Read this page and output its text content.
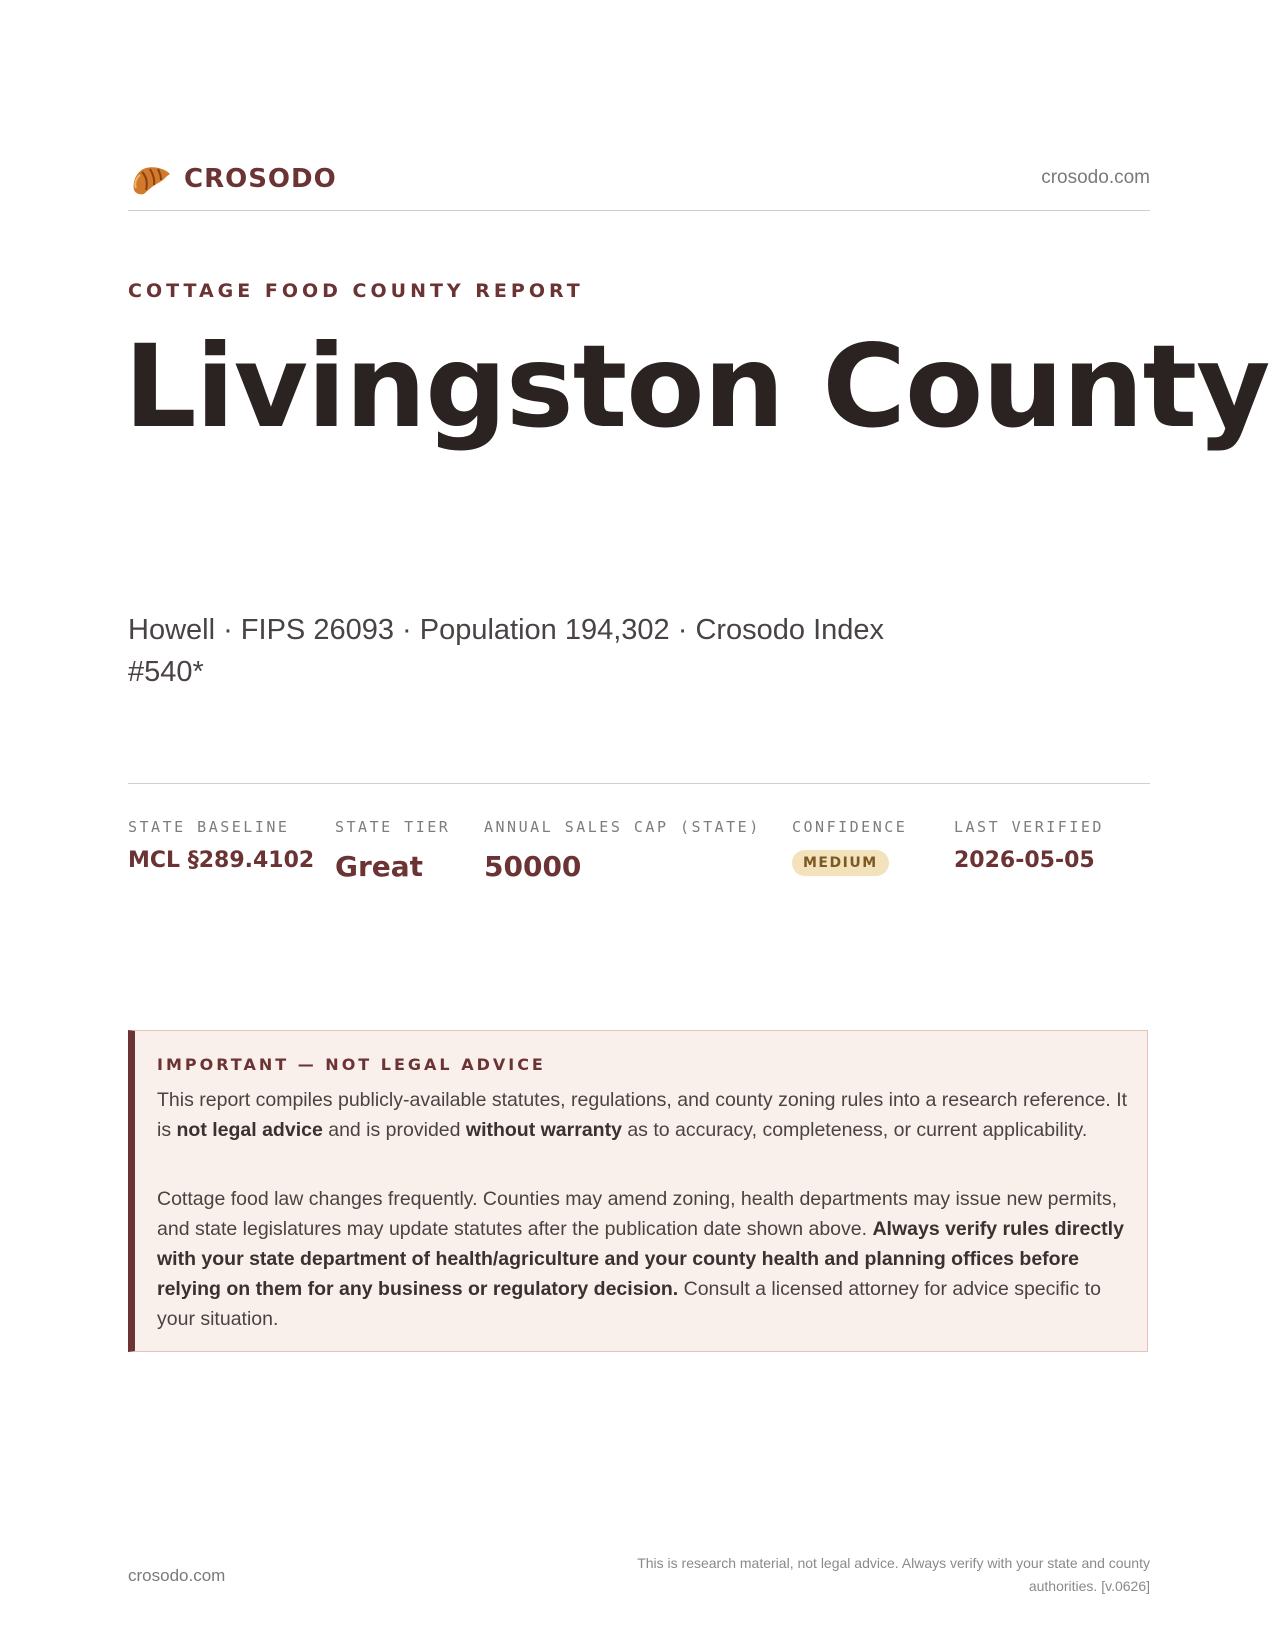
CROSODO	crosodo.com
COTTAGE FOOD COUNTY REPORT
Livingston County
Howell · FIPS 26093 · Population 194,302 · Crosodo Index #540*
STATE BASELINE
MCL §289.4102
STATE TIER
Great
ANNUAL SALES CAP (STATE)
50000
CONFIDENCE
MEDIUM
LAST VERIFIED
2026-05-05
IMPORTANT — NOT LEGAL ADVICE

This report compiles publicly-available statutes, regulations, and county zoning rules into a research reference. It is not legal advice and is provided without warranty as to accuracy, completeness, or current applicability.

Cottage food law changes frequently. Counties may amend zoning, health departments may issue new permits, and state legislatures may update statutes after the publication date shown above. Always verify rules directly with your state department of health/agriculture and your county health and planning offices before relying on them for any business or regulatory decision. Consult a licensed attorney for advice specific to your situation.

crosodo.com
This is research material, not legal advice. Always verify with your state and county authorities. [v.0626]
